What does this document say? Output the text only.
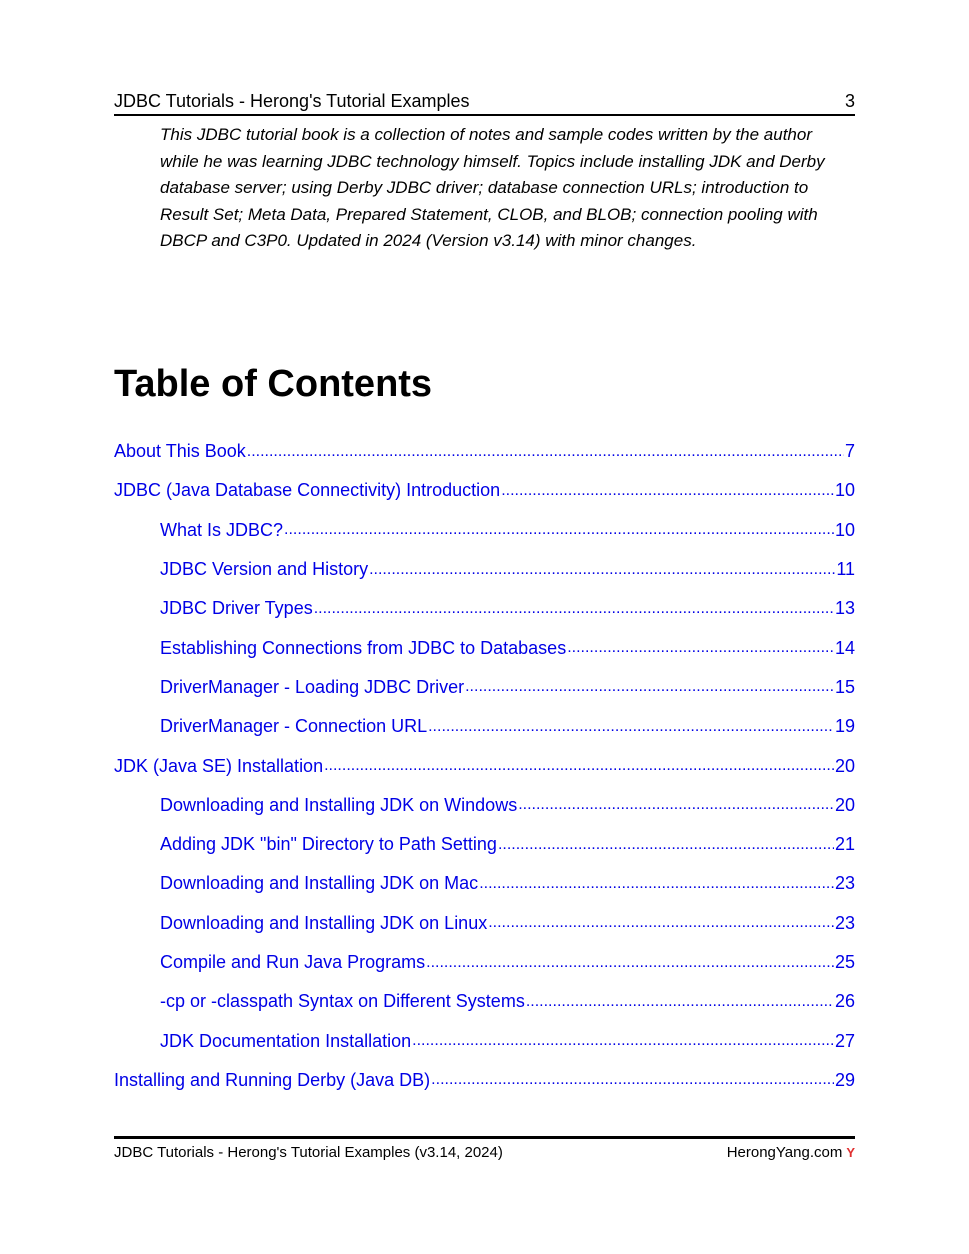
JDBC Tutorials - Herong's Tutorial Examples	3

This JDBC tutorial book is a collection of notes and sample codes written by the author while he was learning JDBC technology himself. Topics include installing JDK and Derby database server; using Derby JDBC driver; database connection URLs; introduction to Result Set; Meta Data, Prepared Statement, CLOB, and BLOB; connection pooling with DBCP and C3P0. Updated in 2024 (Version v3.14) with minor changes.

Table of Contents
About This Book .....	7
JDBC (Java Database Connectivity) Introduction .....	10
What Is JDBC? .....	10
JDBC Version and History .....	11
JDBC Driver Types .....	13
Establishing Connections from JDBC to Databases .....	14
DriverManager - Loading JDBC Driver .....	15
DriverManager - Connection URL .....	19
JDK (Java SE) Installation .....	20
Downloading and Installing JDK on Windows .....	20
Adding JDK "bin" Directory to Path Setting .....	21
Downloading and Installing JDK on Mac .....	23
Downloading and Installing JDK on Linux .....	23
Compile and Run Java Programs .....	25
-cp or -classpath Syntax on Different Systems .....	26
JDK Documentation Installation .....	27
Installing and Running Derby (Java DB) .....	29
JDBC Tutorials - Herong's Tutorial Examples (v3.14, 2024)	HerongYang.com Y
